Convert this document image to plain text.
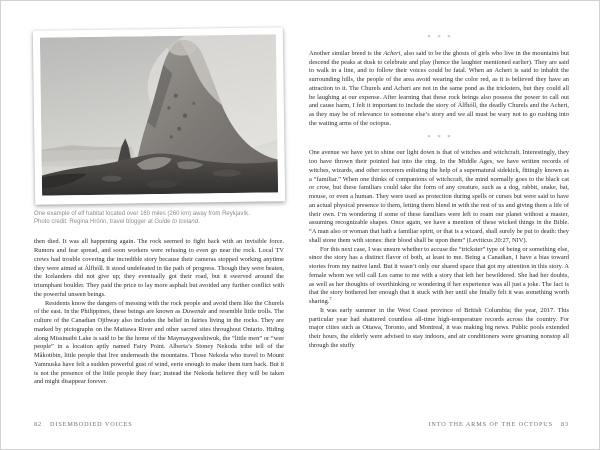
One example of elf habitat located over 160 miles (260 km) away from Reykjavík.
Photo credit: Regina Hrönn, travel blogger at Guide to Iceland.

then died. It was all happening again. The rock seemed to fight back with an invisible force. Rumors and fear spread, and soon workers were refusing to even go near the rock. Local TV crews had trouble covering the incredible story because their cameras stopped working anytime they were aimed at Álfhóll. It stood undefeated in the path of progress. Though they were beaten, the Icelanders did not give up; they eventually got their road, but it swerved around the triumphant boulder. They paid the price to lay more asphalt but avoided any further conflict with the powerful unseen beings.

Residents know the dangers of messing with the rock people and avoid them like the Churels of the east. In the Philippines, these beings are known as Duwende and resemble little trolls. The culture of the Canadian Ojibway also includes the belief in fairies living in the rocks. They are marked by pictographs on the Mattawa River and other sacred sites throughout Ontario. Hiding along Missinaibi Lake is said to be the home of the Maymaygweshiwuk, the “little men” or “wee people” in a location aptly named Fairy Point. Alberta’s Stoney Nekoda tribe tell of the Mâkotibin, little people that live underneath the mountains. Those Nekoda who travel to Mount Yamnuska have felt a sudden powerful gust of wind, eerie enough to make them turn back. But it is not the presence of the little people they fear; instead the Nekoda believe they will be taken and might disappear forever.

82 DISEMBODIED VOICES
* * *

Another similar breed is the Acheri, also said to be the ghosts of girls who live in the mountains but descend the peaks at dusk to celebrate and play (hence the laughter mentioned earlier). They are said to walk in a line, and to follow their voices could be fatal. When an Acheri is said to inhabit the surrounding hills, the people of the area avoid wearing the color red, as it is believed they have an attraction to it. The Churels and Acheri are not in the same pond as the tricksters, but they could all be laughing at our expense. After learning that these rock beings also possess the power to call out and cause harm, I felt it important to include the story of Álfhóll, the deadly Churels and the Acheri, as they may be of relevance to someone else’s story and we all must be wary not to go rushing into the waiting arms of the octopus.

* * *

One avenue we have yet to shine our light down is that of witches and witchcraft. Interestingly, they too have thrown their pointed hat into the ring. In the Middle Ages, we have written records of witches, wizards, and other sorcerers enlisting the help of a supernatural sidekick, fittingly known as a “familiar.” When one thinks of companions of witchcraft, the mind normally goes to the black cat or crow, but these familiars could take the form of any creature, such as a dog, rabbit, snake, bat, mouse, or even a human. They were used as protection during spells or curses but were said to have an actual physical presence to them, letting them blend in with the rest of us and giving them a life of their own. I’m wondering if some of these familiars were left to roam our planet without a master, assuming recognizable shapes. Once again, we have a mention of these wicked things in the Bible. “A man also or woman that hath a familiar spirit, or that is a wizard, shall surely be put to death: they shall stone them with stones: their blood shall be upon them” (Leviticus 20:27, NIV).

For this next case, I was unsure whether to accuse the “trickster” type of being or something else, since the story has a distinct flavor of both, at least to me. Being a Canadian, I have a bias toward stories from my native land. But it wasn’t only our shared space that got my attention in this story. A female whom we will call Les came to me with a story that left her bewildered. She had her doubts, as well as her thoughts of overthinking or wondering if her experience was all just a joke. The fact is that the story bothered her enough that it stuck with her until she finally felt it was something worth sharing.$^7$

It was early summer in the West Coast province of British Columbia; the year, 2017. This particular year had shattered countless all-time high-temperature records across the country. For major cities such as Ottawa, Toronto, and Montreal, it was making big news. Public pools extended their hours, the elderly were advised to stay indoors, and air conditioners were groaning nonstop all through the stuffy

INTO THE ARMS OF THE OCTOPUS 83
